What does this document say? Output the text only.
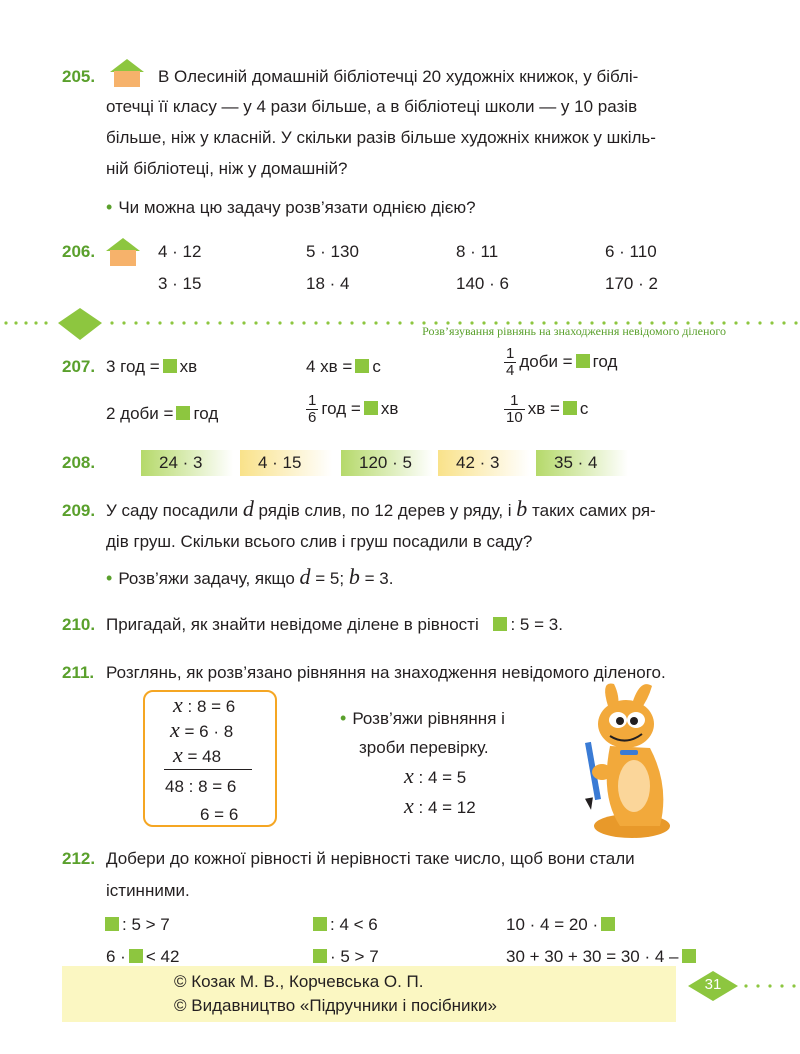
205.	В Олесиній домашній бібліотечці 20 художніх книжок, у біблі-
отечці її класу — у 4 рази більше, а в бібліотеці школи — у 10 разів
більше, ніж у класній. У скільки разів більше художніх книжок у шкіль-
ній бібліотеці, ніж у домашній?
• Чи можна цю задачу розв’язати однією дією?
206.	4 · 12	5 · 130	8 · 11	6 · 110
3 · 15	18 · 4	140 · 6	170 · 2
Розв’язування рівнянь на знаходження невідомого діленого
207. 3 год = хв	4 хв = с	$\frac{1}{4}$ доби = год
2 доби = год	$\frac{1}{6}$ год = хв	$\frac{1}{10}$ хв = с
208.	24 · 3	4 · 15	120 · 5	42 · 3	35 · 4
209. У саду посадили d рядів слив, по 12 дерев у ряду, і b таких самих ря-
дів груш. Скільки всього слив і груш посадили в саду?
• Розв’яжи задачу, якщо d = 5; b = 3.
210. Пригадай, як знайти невідоме ділене в рівності : 5 = 3.
211. Розглянь, як розв’язано рівняння на знаходження невідомого діленого.
x : 8 = 6
x = 6 · 8
x = 48
48 : 8 = 6
6 = 6
• Розв’яжи рівняння і
зроби перевірку.
x : 4 = 5
x : 4 = 12
212. Добери до кожної рівності й нерівності таке число, щоб вони стали
істинними.
: 5 > 7	: 4 < 6	10 · 4 = 20 ·
6 · < 42	· 5 > 7	30 + 30 + 30 = 30 · 4 –
© Козак М. В., Корчевська О. П.
© Видавництво «Підручники і посібники»
31
